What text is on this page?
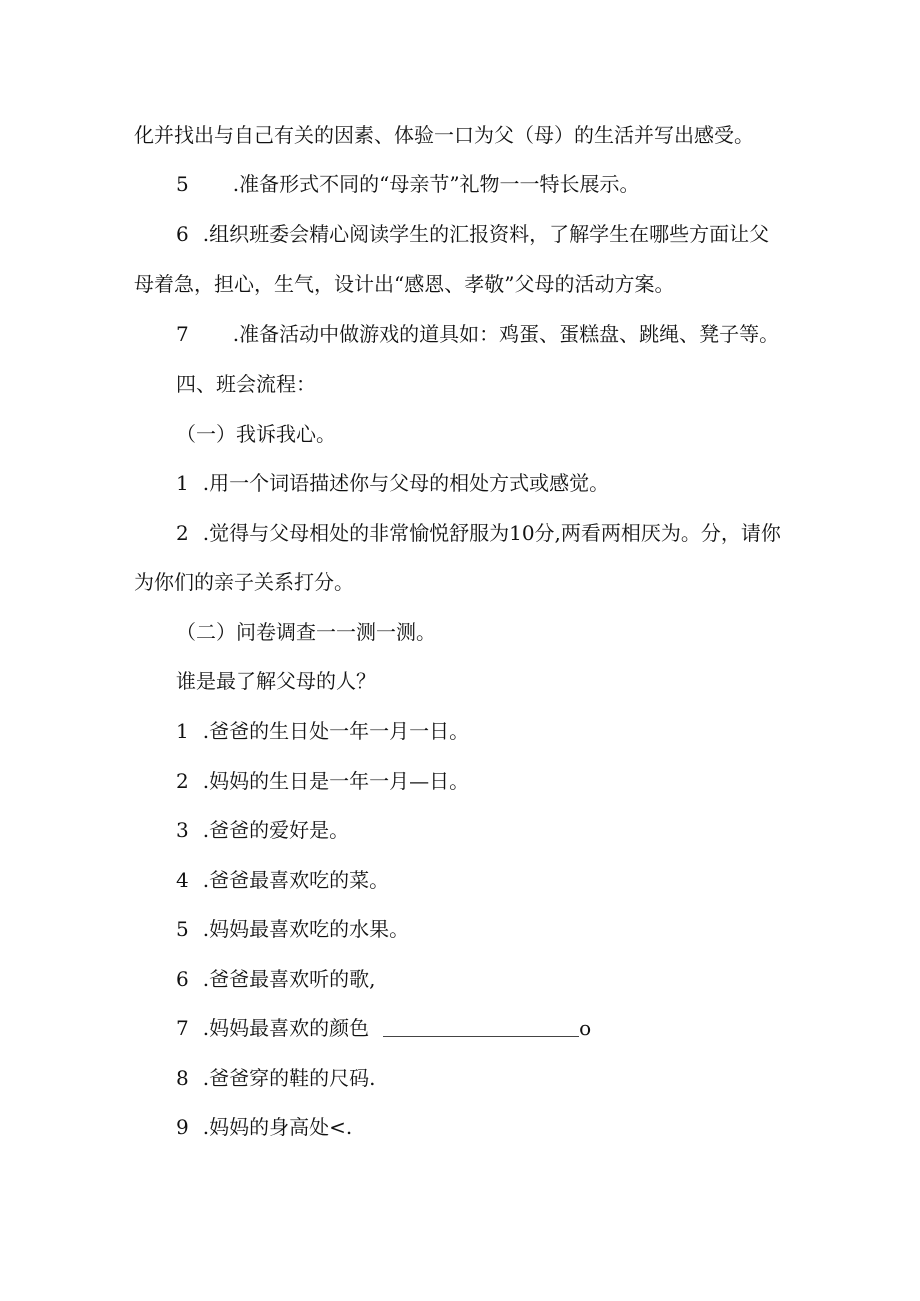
化并找出与自己有关的因素、体验一口为父（母）的生活并写出感受。
5 .准备形式不同的“母亲节”礼物一一特长展示。
6 .组织班委会精心阅读学生的汇报资料，了解学生在哪些方面让父
母着急，担心，生气，设计出“感恩、孝敬”父母的活动方案。
7 .准备活动中做游戏的道具如：鸡蛋、蛋糕盘、跳绳、凳子等。
四、班会流程：
（一）我诉我心。
1 .用一个词语描述你与父母的相处方式或感觉。
2 .觉得与父母相处的非常愉悦舒服为10分,两看两相厌为。分，请你
为你们的亲子关系打分。
（二）问卷调查一一测一测。
谁是最了解父母的人？
1 .爸爸的生日处一年一月一日。
2 .妈妈的生日是一年一月—日。
3 .爸爸的爱好是。
4 .爸爸最喜欢吃的菜。
5 .妈妈最喜欢吃的水果。
6 .爸爸最喜欢听的歌,
7 .妈妈最喜欢的颜色	o
8 .爸爸穿的鞋的尺码.
9 .妈妈的身高处<.
